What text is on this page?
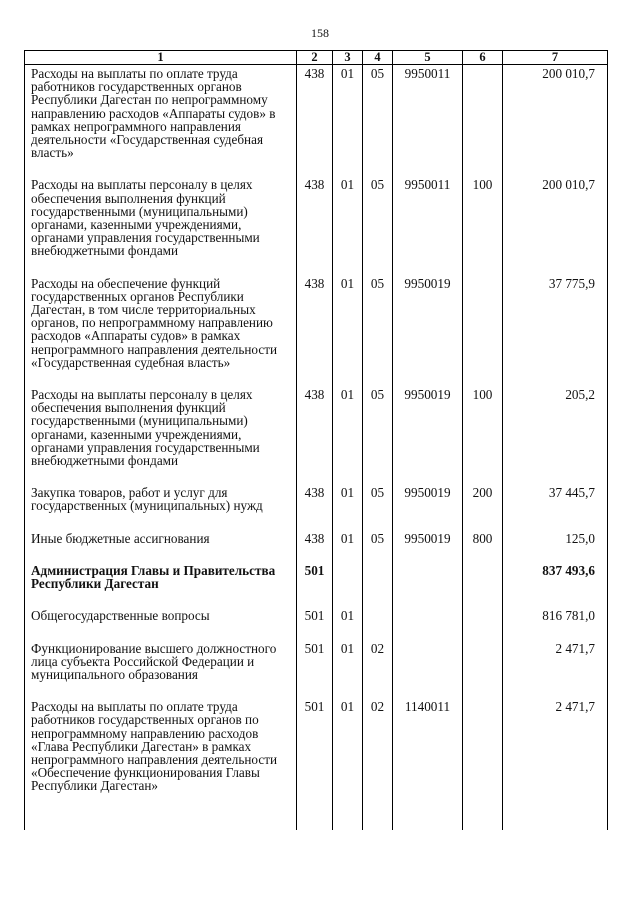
158
1	2	3	4	5	6	7
Расходы на выплаты по оплате труда работников государственных органов Республики Дагестан по непрограммному направлению расходов «Аппараты судов» в рамках непрограммного направления деятельности «Государственная судебная власть»	438	01	05	9950011		200 010,7
Расходы на выплаты персоналу в целях обеспечения выполнения функций государственными (муниципальными) органами, казенными учреждениями, органами управления государственными внебюджетными фондами	438	01	05	9950011	100	200 010,7
Расходы на обеспечение функций государственных органов Республики Дагестан, в том числе территориальных органов, по непрограммному направлению расходов «Аппараты судов» в рамках непрограммного направления деятельности «Государственная судебная власть»	438	01	05	9950019		37 775,9
Расходы на выплаты персоналу в целях обеспечения выполнения функций государственными (муниципальными) органами, казенными учреждениями, органами управления государственными внебюджетными фондами	438	01	05	9950019	100	205,2
Закупка товаров, работ и услуг для государственных (муниципальных) нужд	438	01	05	9950019	200	37 445,7
Иные бюджетные ассигнования	438	01	05	9950019	800	125,0
Администрация Главы и Правительства Республики Дагестан	501					837 493,6
Общегосударственные вопросы	501	01				816 781,0
Функционирование высшего должностного лица субъекта Российской Федерации и муниципального образования	501	01	02			2 471,7
Расходы на выплаты по оплате труда работников государственных органов по непрограммному направлению расходов «Глава Республики Дагестан» в рамках непрограммного направления деятельности «Обеспечение функционирования Главы Республики Дагестан»	501	01	02	1140011		2 471,7
